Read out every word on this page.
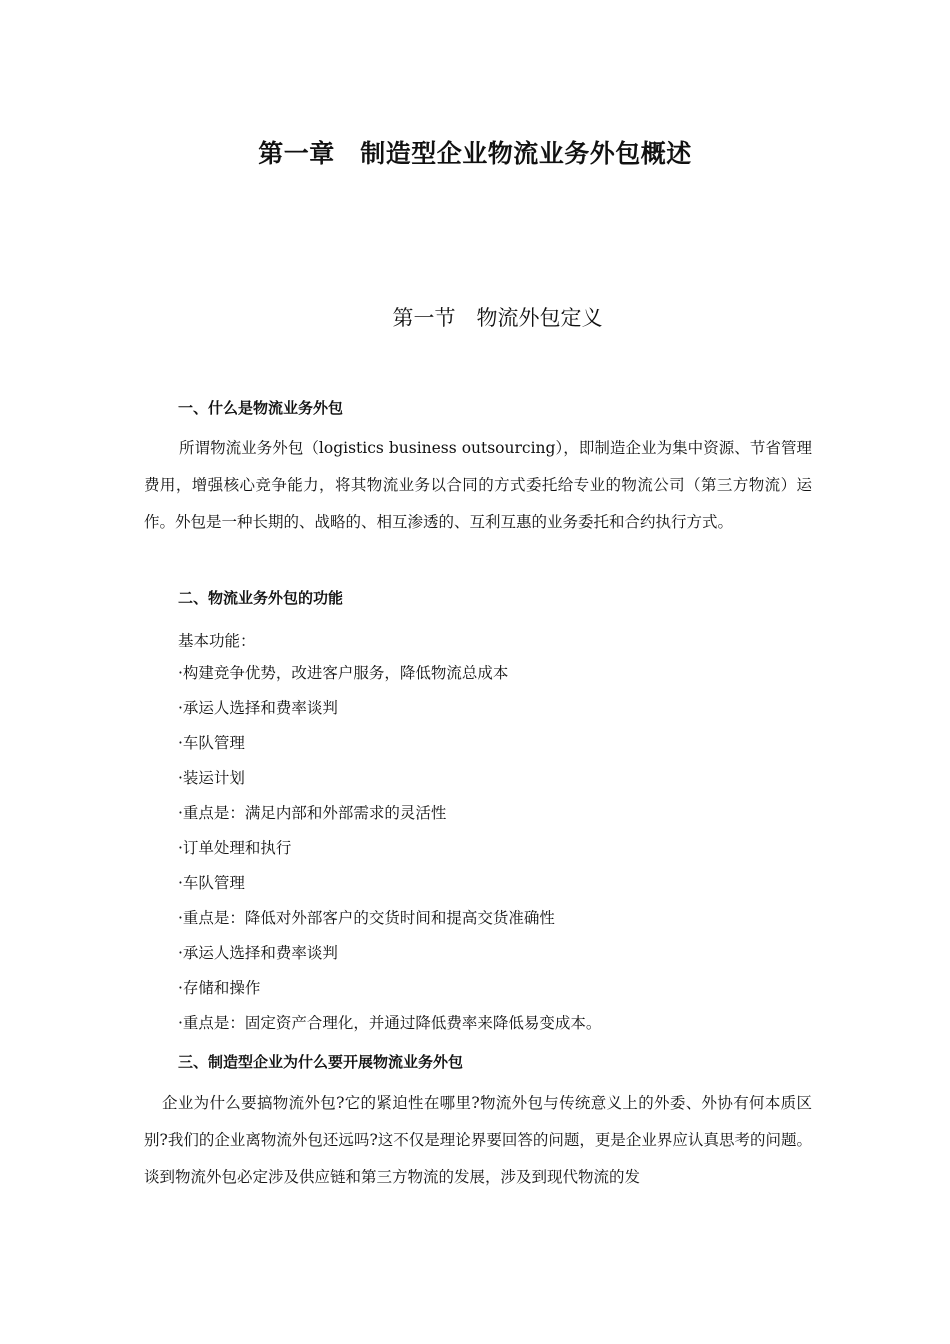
第一章　制造型企业物流业务外包概述
第一节　物流外包定义
一、什么是物流业务外包
所谓物流业务外包（logistics business outsourcing），即制造企业为集中资源、节省管理费用，增强核心竞争能力，将其物流业务以合同的方式委托给专业的物流公司（第三方物流）运作。外包是一种长期的、战略的、相互渗透的、互利互惠的业务委托和合约执行方式。
二、物流业务外包的功能
基本功能：
·构建竞争优势，改进客户服务，降低物流总成本
·承运人选择和费率谈判
·车队管理
·装运计划
·重点是：满足内部和外部需求的灵活性
·订单处理和执行
·车队管理
·重点是：降低对外部客户的交货时间和提高交货准确性
·承运人选择和费率谈判
·存储和操作
·重点是：固定资产合理化，并通过降低费率来降低易变成本。
三、制造型企业为什么要开展物流业务外包
企业为什么要搞物流外包?它的紧迫性在哪里?物流外包与传统意义上的外委、外协有何本质区别?我们的企业离物流外包还远吗?这不仅是理论界要回答的问题，更是企业界应认真思考的问题。谈到物流外包必定涉及供应链和第三方物流的发展，涉及到现代物流的发
